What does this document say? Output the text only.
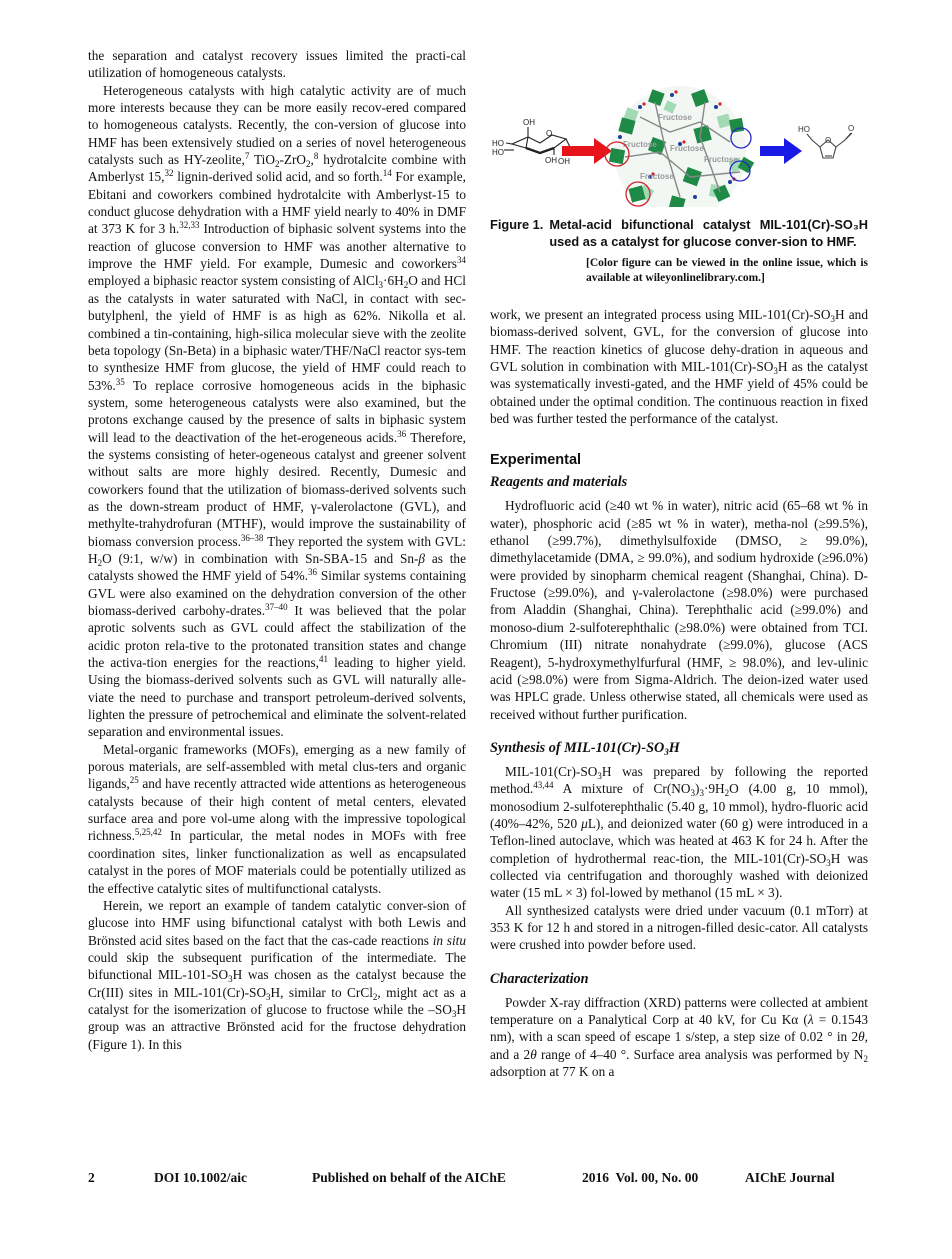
the separation and catalyst recovery issues limited the practi-cal utilization of homogeneous catalysts.

Heterogeneous catalysts with high catalytic activity are of much more interests because they can be more easily recov-ered compared to homogeneous catalysts. Recently, the con-version of glucose into HMF has been extensively studied on a series of novel heterogeneous catalysts such as HY-zeolite,$^7$ TiO$_2$-ZrO$_2$,$^8$ hydrotalcite combine with Amberlyst 15,32 lignin-derived solid acid, and so forth.$^{14}$ For example, Ebitani and coworkers combined hydrotalcite with Amberlyst-15 to conduct glucose dehydration with a HMF yield nearly to 40% in DMF at 373 K for 3 h.$^{32,33}$ Introduction of biphasic solvent systems into the reaction of glucose conversion to HMF was another alternative to improve the HMF yield. For example, Dumesic and coworkers$^{34}$ employed a biphasic reactor system consisting of $AlCl_3\cdot 6H_2O$ and HCl as the catalysts in water saturated with NaCl, in contact with sec-butylphenl, the yield of HMF is as high as 62%. Nikolla et al. combined a tin-containing, high-silica molecular sieve with the zeolite beta topology (Sn-Beta) in a biphasic water/THF/NaCl reactor sys-tem to synthesize HMF from glucose, the yield of HMF could reach to 53%.$^{35}$ To replace corrosive homogeneous acids in the biphasic system, some heterogeneous catalysts were also examined, but the protons exchange caused by the presence of salts in biphasic system will lead to the deactivation of the het-erogeneous acids.$^{36}$ Therefore, the systems consisting of heter-ogeneous catalyst and greener solvent without salts are more highly desired. Recently, Dumesic and coworkers found that the utilization of biomass-derived solvents such as the down-stream product of HMF, γ-valerolactone (GVL), and methylte-trahydrofuran (MTHF), would improve the sustainability of biomass conversion process.$^{36-38}$ They reported the system with GVL: $H_2O$ (9:1, w/w) in combination with Sn-SBA-15 and Sn-β as the catalysts showed the HMF yield of 54%.$^{36}$ Similar systems containing GVL were also examined on the dehydration conversion of the other biomass-derived carbohy-drates.$^{37-40}$ It was believed that the polar aprotic solvents such as GVL could affect the stabilization of the acidic proton rela-tive to the protonated transition states and change the activa-tion energies for the reactions,$^{41}$ leading to higher yield. Using the biomass-derived solvents such as GVL will naturally alle-viate the need to purchase and transport petroleum-derived solvents, lighten the pressure of petrochemical and eliminate the solvent-related separation and environmental issues.

Metal-organic frameworks (MOFs), emerging as a new family of porous materials, are self-assembled with metal clus-ters and organic ligands,$^{25}$ and have recently attracted wide attentions as heterogeneous catalysts because of their high content of metal centers, elevated surface area and pore vol-ume along with the impressive topological richness.$^{5,25,42}$ In particular, the metal nodes in MOFs with free coordination sites, linker functionalization as well as encapsulated catalyst in the pores of MOF materials could be potentially utilized as the effective catalytic sites of multifunctional catalysts.

Herein, we report an example of tandem catalytic conver-sion of glucose into HMF using bifunctional catalyst with both Lewis and Brönsted acid sites based on the fact that the cas-cade reactions in situ could skip the subsequent purification of the intermediate. The bifunctional MIL-$101-SO_3H$ was chosen as the catalyst because the Cr(III) sites in MIL-$101(Cr)-SO_3H$, similar to CrCl$_2$, might act as a catalyst for the isomerization of glucose to fructose while the $-SO_3H$ group was an attractive Brönsted acid for the fructose dehydration (Figure 1). In this

OH
HO
HO
OH OH
O
Fructose
Fructose Fructose
Fructose
Fructose
HO	O
O
Figure 1. Metal-acid bifunctional catalyst MIL-101(Cr)-SO₃H used as a catalyst for glucose conver-sion to HMF.
[Color figure can be viewed in the online issue, which is available at wileyonlinelibrary.com.]

work, we present an integrated process using MIL-$101(Cr)-SO_3H$ and biomass-derived solvent, GVL, for the conversion of glucose into HMF. The reaction kinetics of glucose dehy-dration in aqueous and GVL solution in combination with MIL-$101(Cr)-SO_3H$ as the catalyst was systematically investi-gated, and the HMF yield of 45% could be obtained under the optimal condition. The continuous reaction in fixed bed was further tested the performance of the catalyst.

Experimental
Reagents and materials

Hydrofluoric acid (≥40 wt % in water), nitric acid (65–68 wt % in water), phosphoric acid (≥85 wt % in water), metha-nol (≥99.5%), ethanol (≥99.7%), dimethylsulfoxide (DMSO, ≥ 99.0%), dimethylacetamide (DMA, ≥ 99.0%), and sodium hydroxide (≥96.0%) were provided by sinopharm chemical reagent (Shanghai, China). D-Fructose (≥99.0%), and γ-valerolactone (≥98.0%) were purchased from Aladdin (Shanghai, China). Terephthalic acid (≥99.0%) and monoso-dium 2-sulfoterephthalic (≥98.0%) were obtained from TCI. Chromium (III) nitrate nonahydrate (≥99.0%), glucose (ACS Reagent), 5-hydroxymethylfurfural (HMF, ≥ 98.0%), and lev-ulinic acid (≥98.0%) were from Sigma-Aldrich. The deion-ized water used was HPLC grade. Unless otherwise stated, all chemicals were used as received without further purification.

Synthesis of MIL-$101(Cr)-SO_3H$

MIL-$101(Cr)-SO_3H$ was prepared by following the reported method.$^{43,44}$ A mixture of $Cr(NO_3)_3\cdot 9H_2O$ (4.00 g, 10 mmol), monosodium 2-sulfoterephthalic (5.40 g, 10 mmol), hydro-fluoric acid (40%–42%, 520 μL), and deionized water (60 g) were introduced in a Teflon-lined autoclave, which was heated at 463 K for 24 h. After the completion of hydrothermal reac-tion, the MIL-$101(Cr)-SO_3H$ was collected via centrifugation and thoroughly washed with deionized water (15 mL × 3) fol-lowed by methanol (15 mL × 3).

All synthesized catalysts were dried under vacuum (0.1 mTorr) at 353 K for 12 h and stored in a nitrogen-filled desic-cator. All catalysts were crushed into powder before used.

Characterization

Powder X-ray diffraction (XRD) patterns were collected at ambient temperature on a Panalytical Corp at 40 kV, for Cu Kα (λ = 0.1543 nm), with a scan speed of escape 1 s/step, a step size of 0.02 ° in 2θ, and a 2θ range of 4–40 °. Surface area analysis was performed by $N_2$ adsorption at 77 K on a

2	DOI 10.1002/aic	Published on behalf of the AIChE	2016  Vol. 00, No. 00	AIChE Journal
